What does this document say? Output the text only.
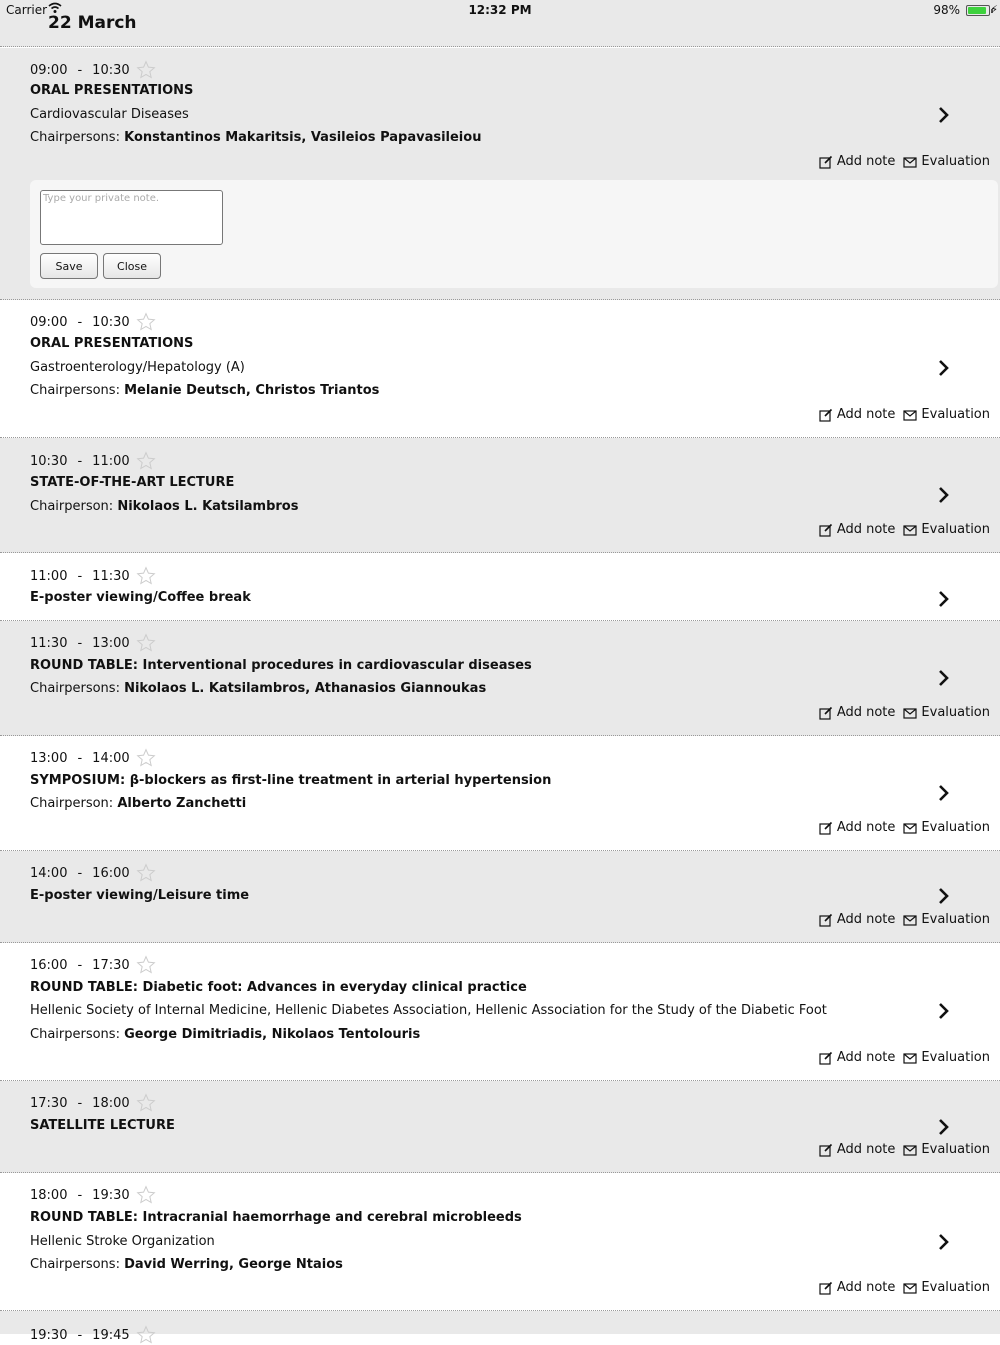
22 March
Carrier	12:32 PM	98%	⚡
09:00 - 10:30
ORAL PRESENTATIONS
Cardiovascular Diseases
Chairpersons: Konstantinos Makaritsis, Vasileios Papavasileiou
Add note Evaluation
Type your private note.
Save	Close
09:00 - 10:30
ORAL PRESENTATIONS
Gastroenterology/Hepatology (A)
Chairpersons: Melanie Deutsch, Christos Triantos
Add note Evaluation
10:30 - 11:00
STATE-OF-THE-ART LECTURE
Chairperson: Nikolaos L. Katsilambros
Add note Evaluation
11:00 - 11:30
E-poster viewing/Coffee break
11:30 - 13:00
ROUND TABLE: Interventional procedures in cardiovascular diseases
Chairpersons: Nikolaos L. Katsilambros, Athanasios Giannoukas
Add note Evaluation
13:00 - 14:00
SYMPOSIUM: β-blockers as first-line treatment in arterial hypertension
Chairperson: Alberto Zanchetti
Add note Evaluation
14:00 - 16:00
E-poster viewing/Leisure time
Add note Evaluation
16:00 - 17:30
ROUND TABLE: Diabetic foot: Advances in everyday clinical practice
Hellenic Society of Internal Medicine, Hellenic Diabetes Association, Hellenic Association for the Study of the Diabetic Foot
Chairpersons: George Dimitriadis, Nikolaos Tentolouris
Add note Evaluation
17:30 - 18:00
SATELLITE LECTURE
Add note Evaluation
18:00 - 19:30
ROUND TABLE: Intracranial haemorrhage and cerebral microbleeds
Hellenic Stroke Organization
Chairpersons: David Werring, George Ntaios
Add note Evaluation
19:30 - 19:45
